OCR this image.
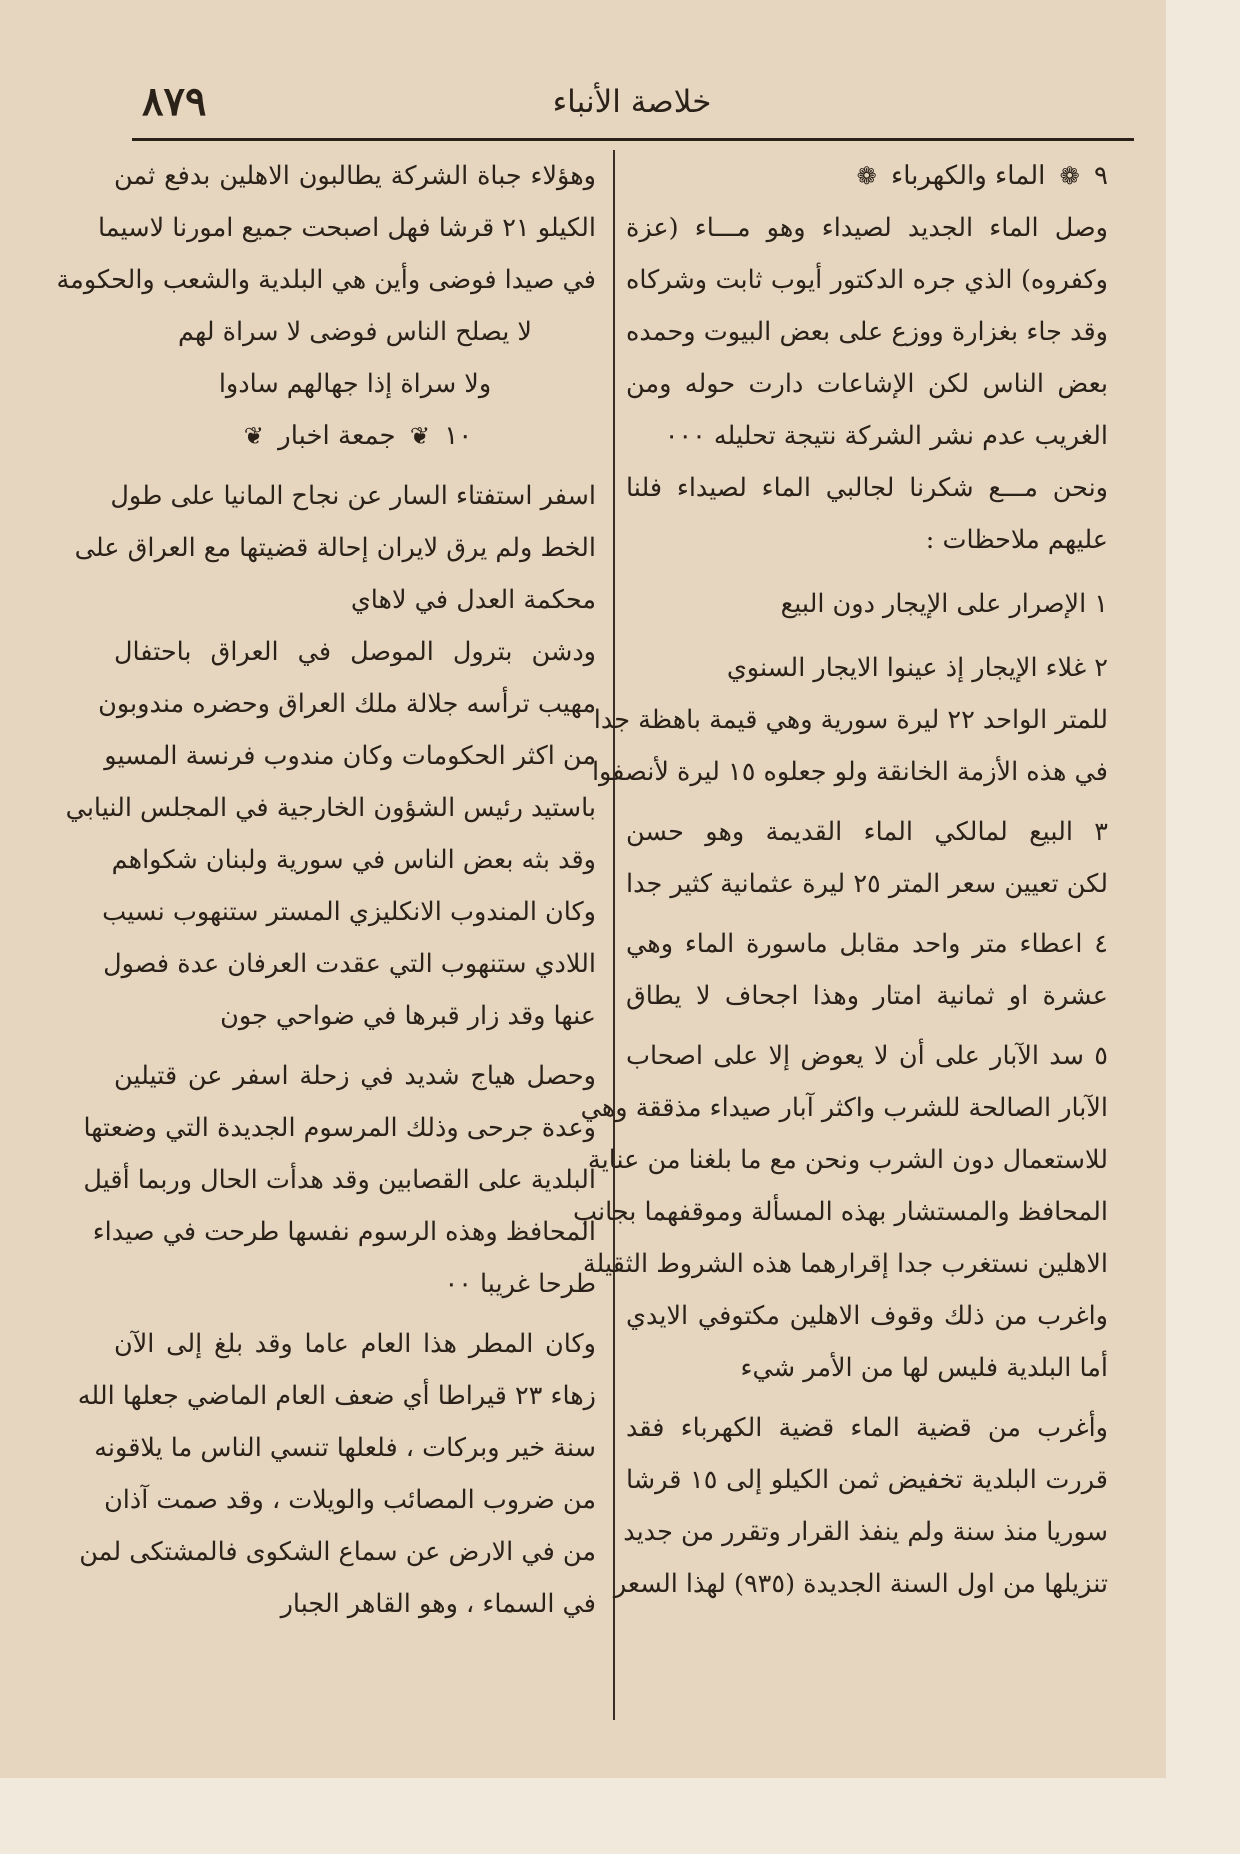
٨٧٩	خلاصة الأنباء
٩ ❁ الماء والكهرباء ❁
وصل الماء الجديد لصيداء وهو مـــاء (عزة
وكفروه) الذي جره الدكتور أيوب ثابت وشركاه
وقد جاء بغزارة ووزع على بعض البيوت وحمده
بعض الناس لكن الإشاعات دارت حوله ومن
الغريب عدم نشر الشركة نتيجة تحليله ٠٠٠
ونحن مـــع شكرنا لجالبي الماء لصيداء فلنا
عليهم ملاحظات :
١ الإصرار على الإيجار دون البيع
٢ غلاء الإيجار إذ عينوا الايجار السنوي
للمتر الواحد ٢٢ ليرة سورية وهي قيمة باهظة جدا
في هذه الأزمة الخانقة ولو جعلوه ١٥ ليرة لأنصفوا
٣ البيع لمالكي الماء القديمة وهو حسن
لكن تعيين سعر المتر ٢٥ ليرة عثمانية كثير جدا
٤ اعطاء متر واحد مقابل ماسورة الماء وهي
عشرة او ثمانية امتار وهذا اجحاف لا يطاق
٥ سد الآبار على أن لا يعوض إلا على اصحاب
الآبار الصالحة للشرب واكثر آبار صيداء مذققة وهي
للاستعمال دون الشرب ونحن مع ما بلغنا من عناية
المحافظ والمستشار بهذه المسألة وموقفهما بجانب
الاهلين نستغرب جدا إقرارهما هذه الشروط الثقيلة
واغرب من ذلك وقوف الاهلين مكتوفي الايدي
أما البلدية فليس لها من الأمر شيء
وأغرب من قضية الماء قضية الكهرباء فقد
قررت البلدية تخفيض ثمن الكيلو إلى ١٥ قرشا
سوريا منذ سنة ولم ينفذ القرار وتقرر من جديد
تنزيلها من اول السنة الجديدة (٩٣٥) لهذا السعر
وهؤلاء جباة الشركة يطالبون الاهلين بدفع ثمن
الكيلو ٢١ قرشا فهل اصبحت جميع امورنا لاسيما
في صيدا فوضى وأين هي البلدية والشعب والحكومة
لا يصلح الناس فوضى لا سراة لهم
ولا سراة إذا جهالهم سادوا
١٠ ❦ جمعة اخبار ❦
اسفر استفتاء السار عن نجاح المانيا على طول
الخط ولم يرق لايران إحالة قضيتها مع العراق على
محكمة العدل في لاهاي
ودشن بترول الموصل في العراق باحتفال
مهيب ترأسه جلالة ملك العراق وحضره مندوبون
من اكثر الحكومات وكان مندوب فرنسة المسيو
باستيد رئيس الشؤون الخارجية في المجلس النيابي
وقد بثه بعض الناس في سورية ولبنان شكواهم
وكان المندوب الانكليزي المستر ستنهوب نسيب
اللادي ستنهوب التي عقدت العرفان عدة فصول
عنها وقد زار قبرها في ضواحي جون
وحصل هياج شديد في زحلة اسفر عن قتيلين
وعدة جرحى وذلك المرسوم الجديدة التي وضعتها
البلدية على القصابين وقد هدأت الحال وربما أقيل
المحافظ وهذه الرسوم نفسها طرحت في صيداء
طرحا غريبا ٠٠
وكان المطر هذا العام عاما وقد بلغ إلى الآن
زهاء ٢٣ قيراطا أي ضعف العام الماضي جعلها الله
سنة خير وبركات ، فلعلها تنسي الناس ما يلاقونه
من ضروب المصائب والويلات ، وقد صمت آذان
من في الارض عن سماع الشكوى فالمشتكى لمن
في السماء ، وهو القاهر الجبار
